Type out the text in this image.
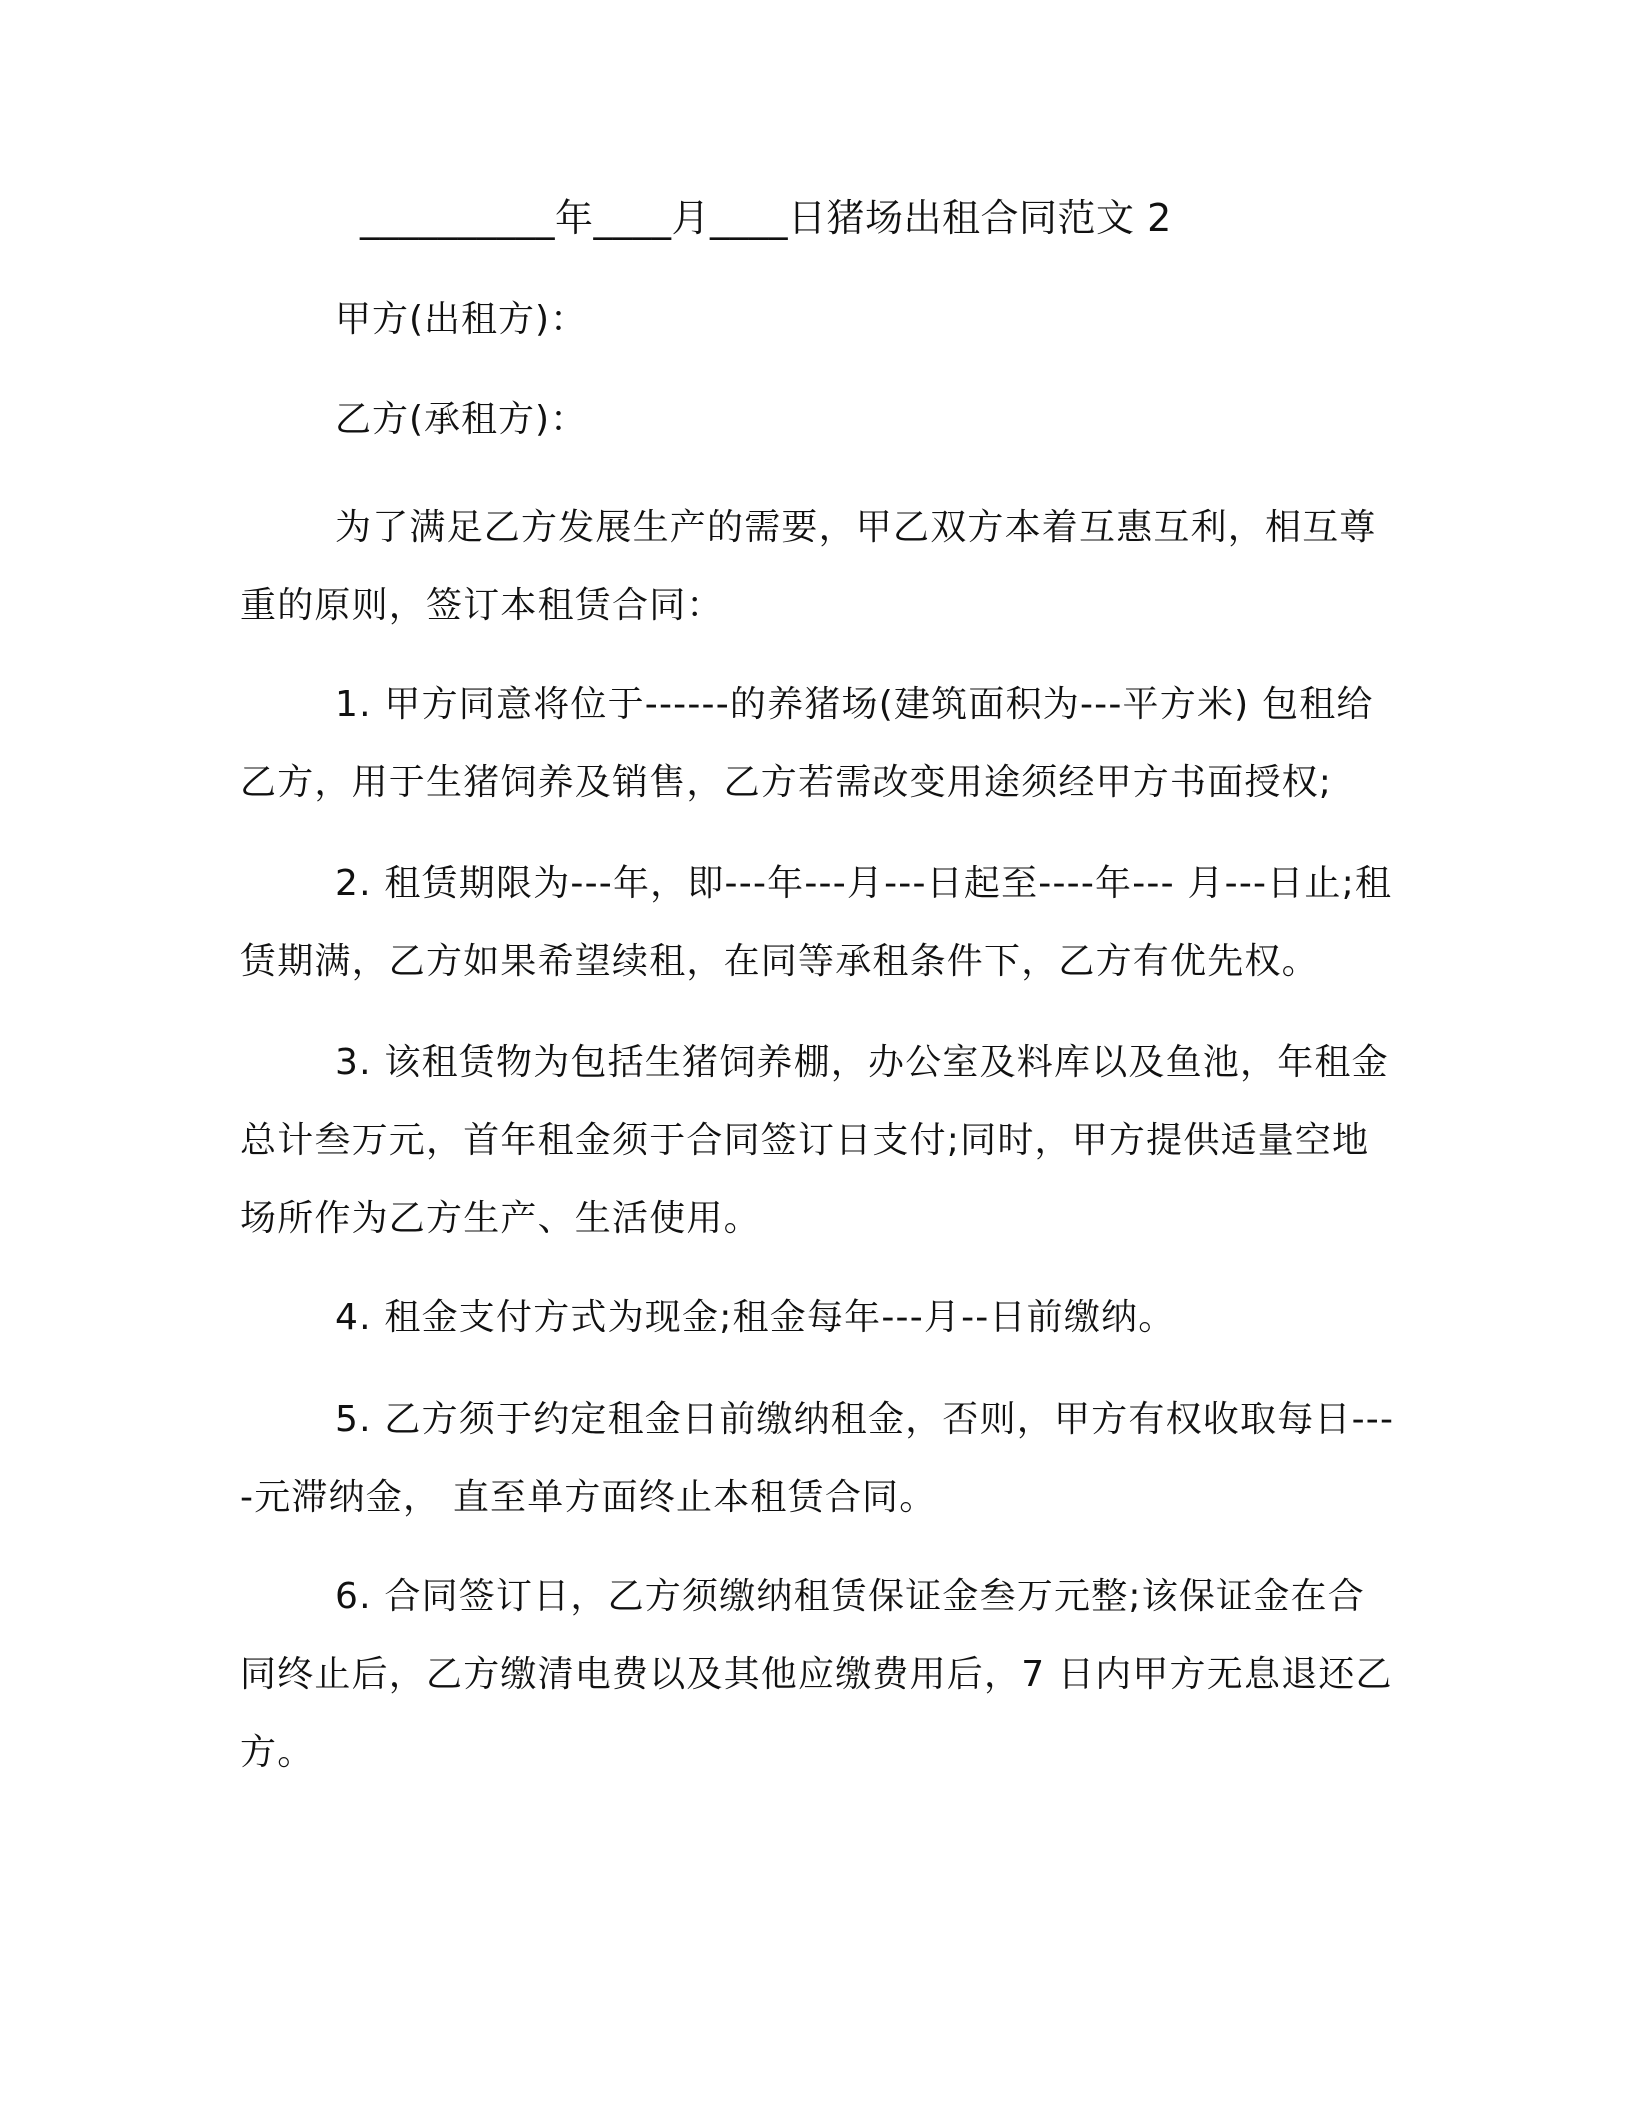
__________年____月____日猪场出租合同范文 2
甲方(出租方)：
乙方(承租方)：
为了满足乙方发展生产的需要，甲乙双方本着互惠互利，相互尊重的原则，签订本租赁合同：
1. 甲方同意将位于------的养猪场(建筑面积为---平方米) 包租给乙方，用于生猪饲养及销售，乙方若需改变用途须经甲方书面授权;
2. 租赁期限为---年，即---年---月---日起至----年--- 月---日止;租赁期满，乙方如果希望续租，在同等承租条件下，乙方有优先权。
3. 该租赁物为包括生猪饲养棚，办公室及料库以及鱼池，年租金总计叁万元，首年租金须于合同签订日支付;同时，甲方提供适量空地场所作为乙方生产、生活使用。
4. 租金支付方式为现金;租金每年---月--日前缴纳。
5. 乙方须于约定租金日前缴纳租金，否则，甲方有权收取每日----元滞纳金， 直至单方面终止本租赁合同。
6. 合同签订日，乙方须缴纳租赁保证金叁万元整;该保证金在合同终止后，乙方缴清电费以及其他应缴费用后，7 日内甲方无息退还乙方。
